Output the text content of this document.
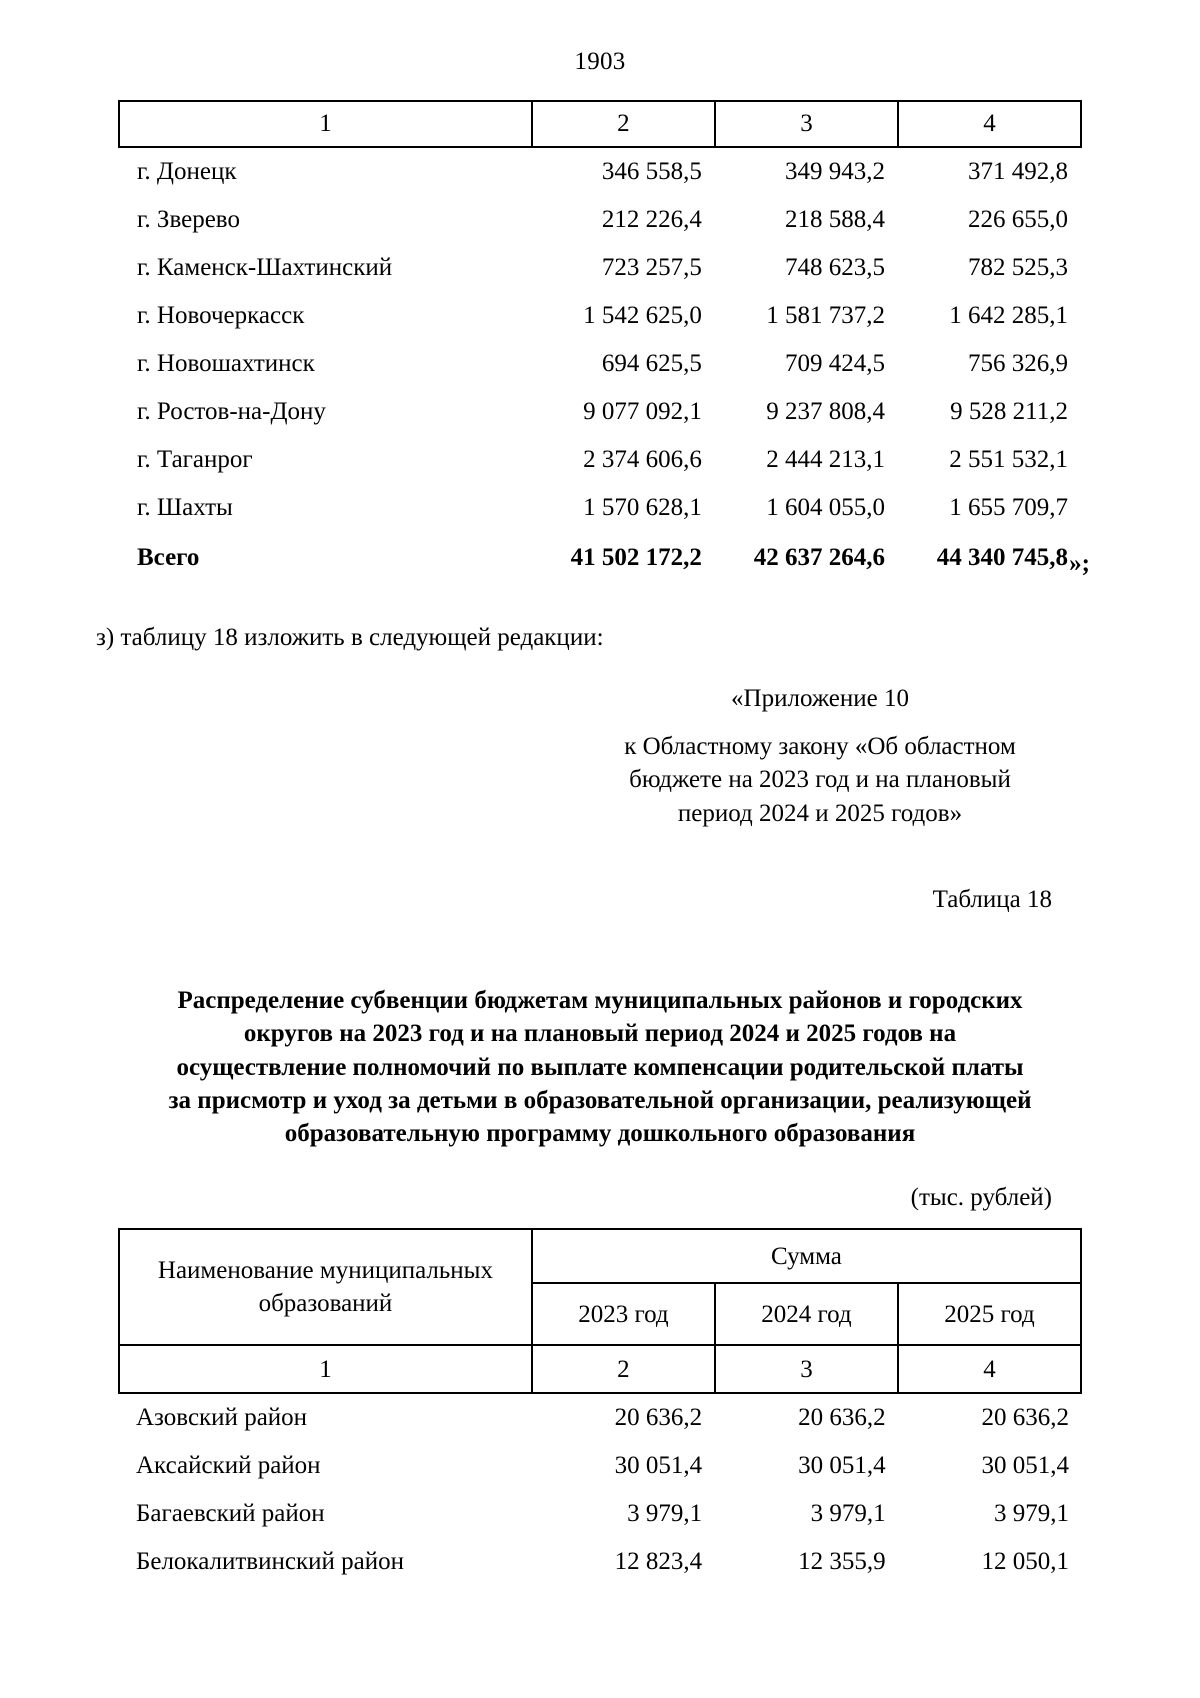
1903
1	2	3	4
г. Донецк	346 558,5	349 943,2	371 492,8
г. Зверево	212 226,4	218 588,4	226 655,0
г. Каменск-Шахтинский	723 257,5	748 623,5	782 525,3
г. Новочеркасск	1 542 625,0	1 581 737,2	1 642 285,1
г. Новошахтинск	694 625,5	709 424,5	756 326,9
г. Ростов-на-Дону	9 077 092,1	9 237 808,4	9 528 211,2
г. Таганрог	2 374 606,6	2 444 213,1	2 551 532,1
г. Шахты	1 570 628,1	1 604 055,0	1 655 709,7
Всего	41 502 172,2	42 637 264,6	44 340 745,8 »;

з) таблицу 18 изложить в следующей редакции:

«Приложение 10
к Областному закону «Об областном
бюджете на 2023 год и на плановый
период 2024 и 2025 годов»
Таблица 18
Распределение субвенции бюджетам муниципальных районов и городских
округов на 2023 год и на плановый период 2024 и 2025 годов на
осуществление полномочий по выплате компенсации родительской платы
за присмотр и уход за детьми в образовательной организации, реализующей
образовательную программу дошкольного образования
(тыс. рублей)
Наименование муниципальных образований	Сумма		
	2023 год	2024 год	2025 год
1	2	3	4
Азовский район	20 636,2	20 636,2	20 636,2
Аксайский район	30 051,4	30 051,4	30 051,4
Багаевский район	3 979,1	3 979,1	3 979,1
Белокалитвинский район	12 823,4	12 355,9	12 050,1
